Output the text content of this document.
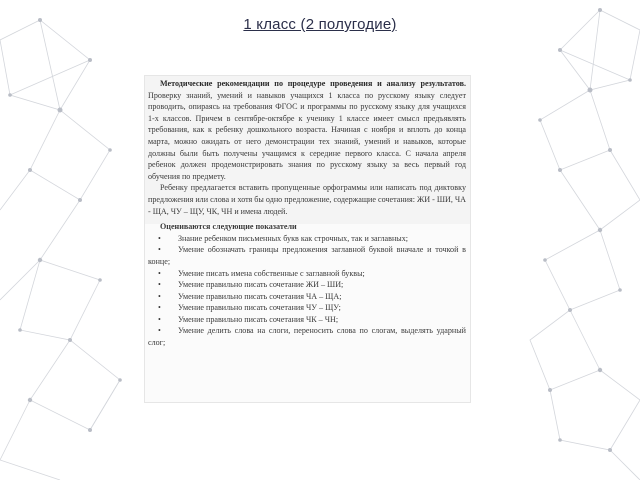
1 класс (2 полугодие)

Методические рекомендации по процедуре проведения и анализу результатов. Проверку знаний, умений и навыков учащихся 1 класса по русскому языку следует проводить, опираясь на требования ФГОС и программы по русскому языку для учащихся 1-х классов. Причем в сентябре-октябре к ученику 1 классе имеет смысл предъявлять требования, как к ребенку дошкольного возраста. Начиная с ноября и вплоть до конца марта, можно ожидать от него демонстрации тех знаний, умений и навыков, которые должны были быть получены учащимся к середине первого класса. С начала апреля ребенок должен продемонстрировать знания по русскому языку за весь первый год обучения по предмету.

Ребенку предлагается вставить пропущенные орфограммы или написать под диктовку предложения или слова и хотя бы одно предложение, содержащие сочетания: ЖИ - ШИ, ЧА - ЩА, ЧУ – ЩУ, ЧК, ЧН и имена людей.

Оцениваются следующие показатели

• Знание ребенком письменных букв как строчных, так и заглавных;
• Умение обозначать границы предложения заглавной буквой вначале и точкой в конце;
• Умение писать имена собственные с заглавной буквы;
• Умение правильно писать сочетание ЖИ – ШИ;
• Умение правильно писать сочетания ЧА – ЩА;
• Умение правильно писать сочетания ЧУ – ЩУ;
• Умение правильно писать сочетания ЧК – ЧН;
• Умение делить слова на слоги, переносить слова по слогам, выделять ударный слог;
